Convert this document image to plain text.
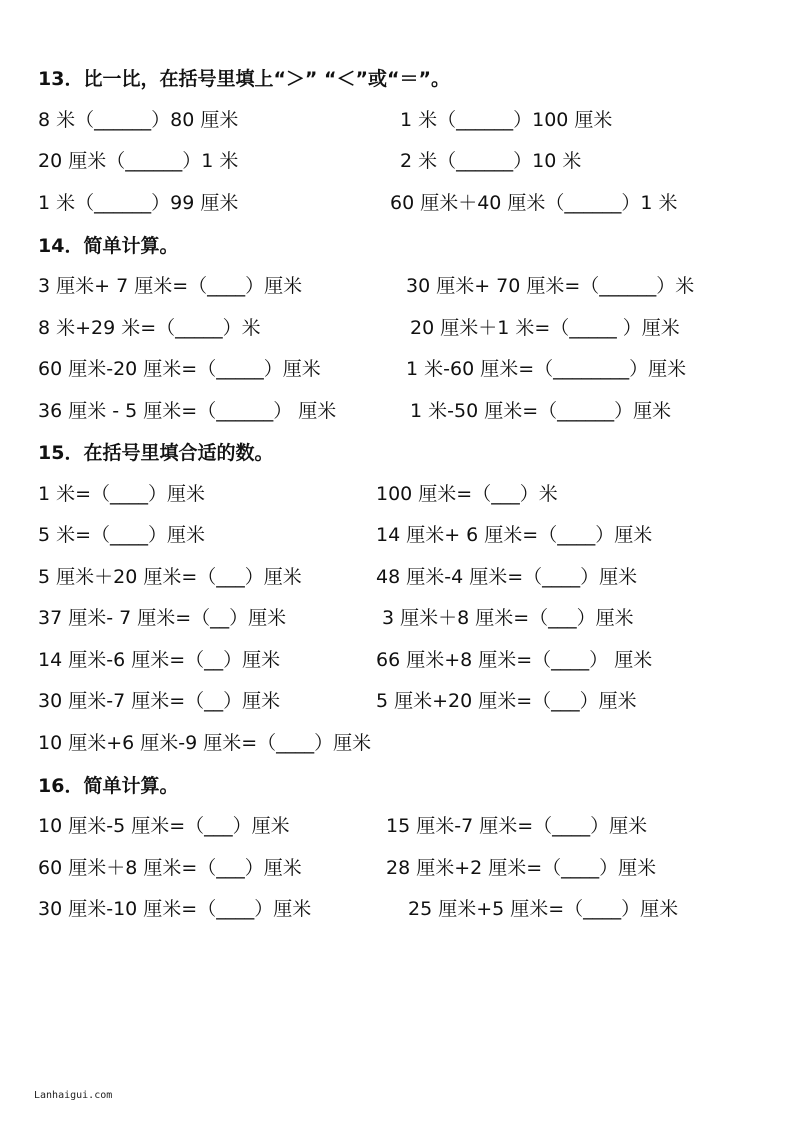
13．比一比，在括号里填上“＞” “＜”或“＝”。
8 米（______）80 厘米	1 米（______）100 厘米
20 厘米（______）1 米	2 米（______）10 米
1 米（______）99 厘米	60 厘米＋40 厘米（______）1 米
14．简单计算。
3 厘米+ 7 厘米=（____）厘米	30 厘米+ 70 厘米=（______）米
8 米+29 米=（_____）米	20 厘米＋1 米=（_____ ）厘米
60 厘米-20 厘米=（_____）厘米	1 米-60 厘米=（________）厘米
36 厘米 - 5 厘米=（______） 厘米	1 米-50 厘米=（______）厘米
15．在括号里填合适的数。
1 米=（____）厘米	100 厘米=（___）米
5 米=（____）厘米	14 厘米+ 6 厘米=（____）厘米
5 厘米＋20 厘米=（___）厘米	48 厘米-4 厘米=（____）厘米
37 厘米- 7 厘米=（__）厘米	3 厘米＋8 厘米=（___）厘米
14 厘米-6 厘米=（__）厘米	66 厘米+8 厘米=（____） 厘米
30 厘米-7 厘米=（__）厘米	5 厘米+20 厘米=（___）厘米
10 厘米+6 厘米-9 厘米=（____）厘米
16．简单计算。
10 厘米-5 厘米=（___）厘米	15 厘米-7 厘米=（____）厘米
60 厘米＋8 厘米=（___）厘米	28 厘米+2 厘米=（____）厘米
30 厘米-10 厘米=（____）厘米	25 厘米+5 厘米=（____）厘米
Lanhaigui.com
